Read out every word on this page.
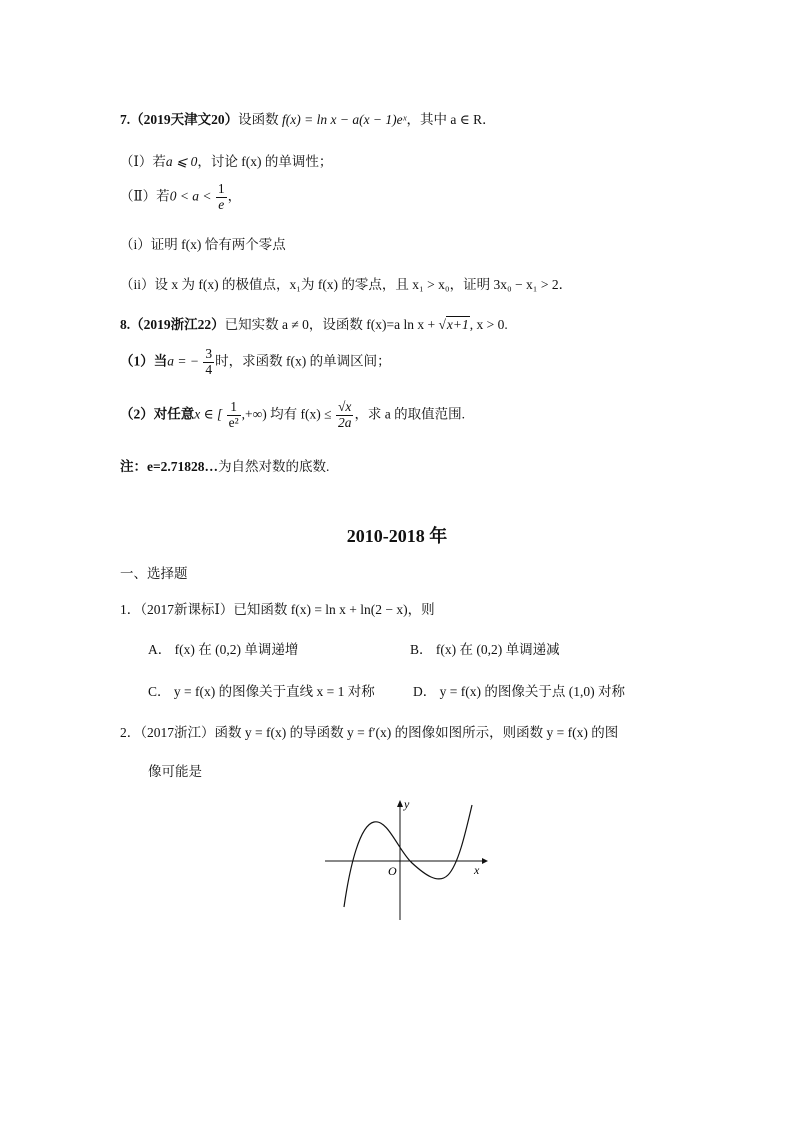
7.（2019天津文20）设函数 f(x) = ln x − a(x − 1)eˣ，其中 a ∈ R．
（Ⅰ）若a ⩽ 0，讨论 f(x) 的单调性；
（Ⅱ）若$0 < a < \frac{1}{e}$ ，
（i）证明 f(x) 恰有两个零点
（ii）设 x 为 f(x) 的极值点，x₁为 f(x) 的零点，且 x₁ > x₀，证明 3x₀ − x₁ > 2．
8.（2019浙江22）已知实数 a ≠ 0，设函数 f(x)=a ln x + √x+1, x > 0.
（1）当a = − $\frac{3}{4}$ 时，求函数 f(x) 的单调区间；
（2）对任意x ∈ [ $\frac{1}{\text{e²}}$ ,+∞) 均有 $f(x) \le \frac{√x}{2a}$ ，求 a 的取值范围.
注：e=2.71828…为自然对数的底数.
2010-2018 年
一、选择题
1．（2017新课标Ⅰ）已知函数 f(x) = ln x + ln(2 − x)，则
A． f(x) 在 (0,2) 单调递增	B． f(x) 在 (0,2) 单调递减
C． y = f(x) 的图像关于直线 x = 1 对称	D． y = f(x) 的图像关于点 (1,0) 对称
2．（2017浙江）函数 y = f(x) 的导函数 y = f′(x) 的图像如图所示，则函数 y = f(x) 的图
像可能是
x
y
O
